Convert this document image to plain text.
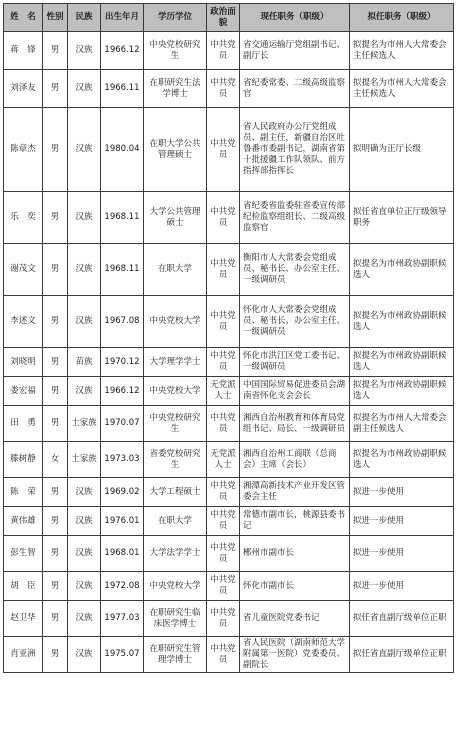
姓　名	性别	民族	出生年月	学历学位	政治面貌	现任职务（职级）	拟任职务（职级）
蒋　锋	男	汉族	1966.12	中央党校研究生	中共党员	省交通运输厅党组副书记、副厅长	拟提名为市州人大常委会主任候选人
刘泽友	男	汉族	1966.11	在职研究生法学博士	中共党员	省纪委常委、二级高级监察官	拟提名为市州人大常委会主任候选人
陈章杰	男	汉族	1980.04	在职大学公共管理硕士	中共党员	省人民政府办公厅党组成员、副主任，新疆自治区吐鲁番市委副书记，湖南省第十批援疆工作队领队、前方指挥部指挥长	拟明确为正厅长级
乐　奕	男	汉族	1968.11	大学公共管理硕士	中共党员	省纪委省监委驻省委宣传部纪检监察组组长、二级高级监察官	拟任省直单位正厅级领导职务
谢茂文	男	汉族	1968.11	在职大学	中共党员	衡阳市人大常委会党组成员、秘书长、办公室主任、一级调研员	拟提名为市州政协副职候选人
李述文	男	汉族	1967.08	中央党校大学	中共党员	怀化市人大常委会党组成员、秘书长、办公室主任、一级调研员	拟提名为市州政协副职候选人
刘晓明	男	苗族	1970.12	大学理学学士	中共党员	怀化市洪江区党工委书记、一级调研员	拟提名为市州政协副职候选人
娄宏福	男	汉族	1966.12	中央党校大学	无党派人士	中国国际贸易促进委员会湖南省怀化支会会长	拟提名为市州政协副职候选人
田　勇	男	土家族	1970.07	中央党校研究生	中共党员	湘西自治州教育和体育局党组书记、局长、一级调研员	拟提名为市州人大常委会副主任候选人
滕树静	女	土家族	1973.03	省委党校研究生	无党派人士	湘西自治州工商联（总商会）主席（会长）	拟提名为市州政协副职候选人
陈　荣	男	汉族	1969.02	大学工程硕士	中共党员	湘潭高新技术产业开发区管委会主任	拟进一步使用
黄伟雄	男	汉族	1976.01	在职大学	中共党员	常德市副市长，桃源县委书记	拟进一步使用
彭生智	男	汉族	1968.01	大学法学学士	中共党员	郴州市副市长	拟进一步使用
胡　臣	男	汉族	1972.08	中央党校大学	中共党员	怀化市副市长	拟进一步使用
赵卫华	男	汉族	1977.03	在职研究生临床医学博士	中共党员	省儿童医院党委书记	拟任省直副厅级单位正职
肖亚洲	男	汉族	1975.07	在职研究生管理学博士	中共党员	省人民医院（湖南师范大学附属第一医院）党委委员、副院长	拟任省直副厅级单位正职
